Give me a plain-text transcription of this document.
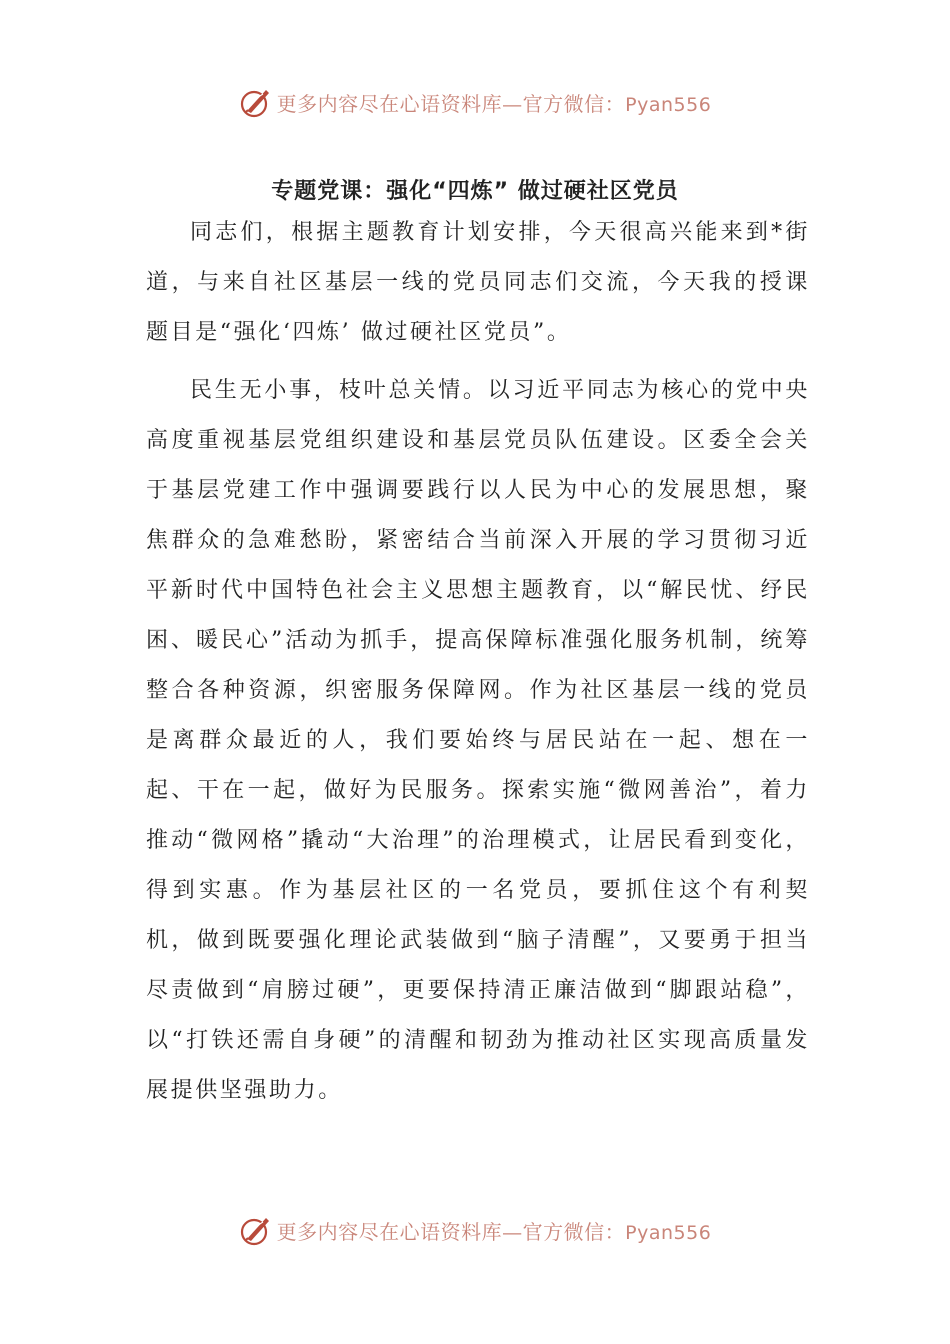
更多内容尽在心语资料库—官方微信：Pyan556
专题党课：强化“四炼” 做过硬社区党员

同志们，根据主题教育计划安排，今天很高兴能来到*街道，与来自社区基层一线的党员同志们交流，今天我的授课题目是“强化‘四炼’ 做过硬社区党员”。

民生无小事，枝叶总关情。以习近平同志为核心的党中央高度重视基层党组织建设和基层党员队伍建设。区委全会关于基层党建工作中强调要践行以人民为中心的发展思想，聚焦群众的急难愁盼，紧密结合当前深入开展的学习贯彻习近平新时代中国特色社会主义思想主题教育，以“解民忧、纾民困、暖民心”活动为抓手，提高保障标准强化服务机制，统筹整合各种资源，织密服务保障网。作为社区基层一线的党员是离群众最近的人，我们要始终与居民站在一起、想在一起、干在一起，做好为民服务。探索实施“微网善治”，着力推动“微网格”撬动“大治理”的治理模式，让居民看到变化，得到实惠。作为基层社区的一名党员，要抓住这个有利契机，做到既要强化理论武装做到“脑子清醒”，又要勇于担当尽责做到“肩膀过硬”，更要保持清正廉洁做到“脚跟站稳”，以“打铁还需自身硬”的清醒和韧劲为推动社区实现高质量发展提供坚强助力。

更多内容尽在心语资料库—官方微信：Pyan556
